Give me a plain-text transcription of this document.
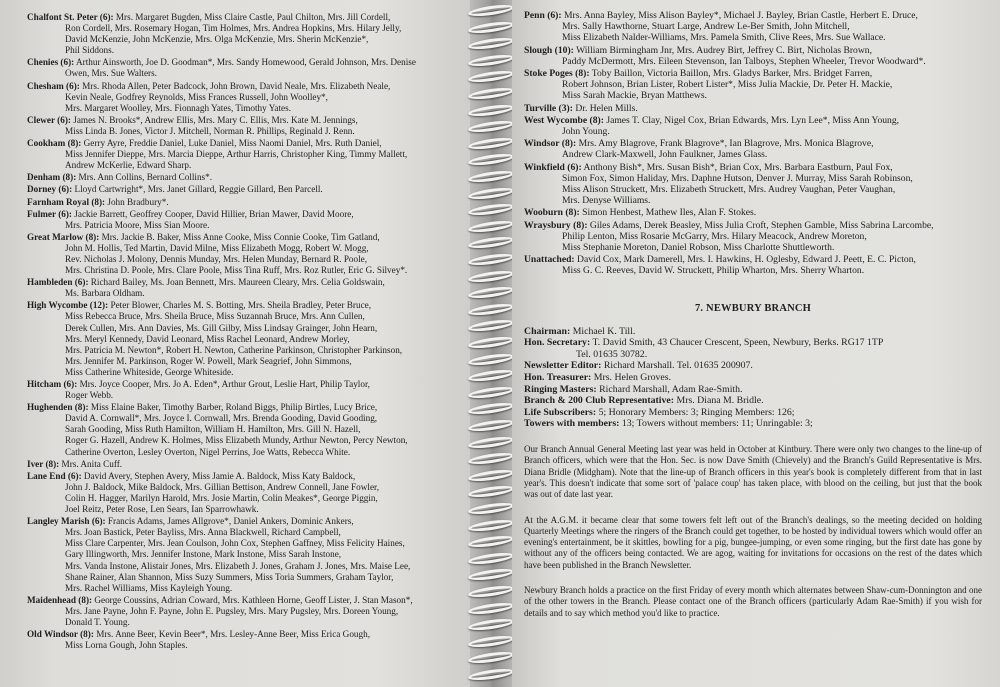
Chalfont St. Peter (6): Mrs. Margaret Bugden, Miss Claire Castle, Paul Chilton, Mrs. Jill Cordell,
Ron Cordell, Mrs. Rosemary Hogan, Tim Holmes, Mrs. Andrea Hopkins, Mrs. Hilary Jelly,
David McKenzie, John McKenzie, Mrs. Olga McKenzie, Mrs. Sherin McKenzie*,
Phil Siddons.
Chenies (6): Arthur Ainsworth, Joe D. Goodman*, Mrs. Sandy Homewood, Gerald Johnson, Mrs. Denise
Owen, Mrs. Sue Walters.
Chesham (6): Mrs. Rhoda Allen, Peter Badcock, John Brown, David Neale, Mrs. Elizabeth Neale,
Kevin Neale, Godfrey Reynolds, Miss Frances Russell, John Woolley*,
Mrs. Margaret Woolley, Mrs. Fionnagh Yates, Timothy Yates.
Clewer (6): James N. Brooks*, Andrew Ellis, Mrs. Mary C. Ellis, Mrs. Kate M. Jennings,
Miss Linda B. Jones, Victor J. Mitchell, Norman R. Phillips, Reginald J. Renn.
Cookham (8): Gerry Ayre, Freddie Daniel, Luke Daniel, Miss Naomi Daniel, Mrs. Ruth Daniel,
Miss Jennifer Dieppe, Mrs. Marcia Dieppe, Arthur Harris, Christopher King, Timmy Mallett,
Andrew McKerlie, Edward Sharp.
Denham (8): Mrs. Ann Collins, Bernard Collins*.
Dorney (6): Lloyd Cartwright*, Mrs. Janet Gillard, Reggie Gillard, Ben Parcell.
Farnham Royal (8): John Bradbury*.
Fulmer (6): Jackie Barrett, Geoffrey Cooper, David Hillier, Brian Mawer, David Moore,
Mrs. Patricia Moore, Miss Sian Moore.
Great Marlow (8): Mrs. Jackie B. Baker, Miss Anne Cooke, Miss Connie Cooke, Tim Gatland,
John M. Hollis, Ted Martin, David Milne, Miss Elizabeth Mogg, Robert W. Mogg,
Rev. Nicholas J. Molony, Dennis Munday, Mrs. Helen Munday, Bernard R. Poole,
Mrs. Christina D. Poole, Mrs. Clare Poole, Miss Tina Ruff, Mrs. Roz Rutler, Eric G. Silvey*.
Hambleden (6): Richard Bailey, Ms. Joan Bennett, Mrs. Maureen Cleary, Mrs. Celia Goldswain,
Ms. Barbara Oldham.
High Wycombe (12): Peter Blower, Charles M. S. Botting, Mrs. Sheila Bradley, Peter Bruce,
Miss Rebecca Bruce, Mrs. Sheila Bruce, Miss Suzannah Bruce, Mrs. Ann Cullen,
Derek Cullen, Mrs. Ann Davies, Ms. Gill Gilby, Miss Lindsay Grainger, John Hearn,
Mrs. Meryl Kennedy, David Leonard, Miss Rachel Leonard, Andrew Morley,
Mrs. Patricia M. Newton*, Robert H. Newton, Catherine Parkinson, Christopher Parkinson,
Mrs. Jennifer M. Parkinson, Roger W. Powell, Mark Seagrief, John Simmons,
Miss Catherine Whiteside, George Whiteside.
Hitcham (6): Mrs. Joyce Cooper, Mrs. Jo A. Eden*, Arthur Grout, Leslie Hart, Philip Taylor,
Roger Webb.
Hughenden (8): Miss Elaine Baker, Timothy Barber, Roland Biggs, Philip Birtles, Lucy Brice,
David A. Cornwall*, Mrs. Joyce I. Cornwall, Mrs. Brenda Gooding, David Gooding,
Sarah Gooding, Miss Ruth Hamilton, William H. Hamilton, Mrs. Gill N. Hazell,
Roger G. Hazell, Andrew K. Holmes, Miss Elizabeth Mundy, Arthur Newton, Percy Newton,
Catherine Overton, Lesley Overton, Nigel Perrins, Joe Watts, Rebecca White.
Iver (8): Mrs. Anita Cuff.
Lane End (6): David Avery, Stephen Avery, Miss Jamie A. Baldock, Miss Katy Baldock,
John J. Baldock, Mike Baldock, Mrs. Gillian Bettison, Andrew Connell, Jane Fowler,
Colin H. Hagger, Marilyn Harold, Mrs. Josie Martin, Colin Meakes*, George Piggin,
Joel Reitz, Peter Rose, Len Sears, Ian Sparrowhawk.
Langley Marish (6): Francis Adams, James Allgrove*, Daniel Ankers, Dominic Ankers,
Mrs. Joan Bastick, Peter Bayliss, Mrs. Anna Blackwell, Richard Campbell,
Miss Clare Carpenter, Mrs. Jean Coulson, John Cox, Stephen Gaffney, Miss Felicity Haines,
Gary Illingworth, Mrs. Jennifer Instone, Mark Instone, Miss Sarah Instone,
Mrs. Vanda Instone, Alistair Jones, Mrs. Elizabeth J. Jones, Graham J. Jones, Mrs. Maise Lee,
Shane Rainer, Alan Shannon, Miss Suzy Summers, Miss Toria Summers, Graham Taylor,
Mrs. Rachel Williams, Miss Kayleigh Young.
Maidenhead (8): George Coussins, Adrian Coward, Mrs. Kathleen Horne, Geoff Lister, J. Stan Mason*,
Mrs. Jane Payne, John F. Payne, John E. Pugsley, Mrs. Mary Pugsley, Mrs. Doreen Young,
Donald T. Young.
Old Windsor (8): Mrs. Anne Beer, Kevin Beer*, Mrs. Lesley-Anne Beer, Miss Erica Gough,
Miss Lorna Gough, John Staples.
Penn (6): Mrs. Anna Bayley, Miss Alison Bayley*, Michael J. Bayley, Brian Castle, Herbert E. Druce,
Mrs. Sally Hawthorne, Stuart Large, Andrew Le-Ber Smith, John Mitchell,
Miss Elizabeth Nalder-Williams, Mrs. Pamela Smith, Clive Rees, Mrs. Sue Wallace.
Slough (10): William Birmingham Jnr, Mrs. Audrey Birt, Jeffrey C. Birt, Nicholas Brown,
Paddy McDermott, Mrs. Eileen Stevenson, Ian Talboys, Stephen Wheeler, Trevor Woodward*.
Stoke Poges (8): Toby Baillon, Victoria Baillon, Mrs. Gladys Barker, Mrs. Bridget Farren,
Robert Johnson, Brian Lister, Robert Lister*, Miss Julia Mackie, Dr. Peter H. Mackie,
Miss Sarah Mackie, Bryan Matthews.
Turville (3): Dr. Helen Mills.
West Wycombe (8): James T. Clay, Nigel Cox, Brian Edwards, Mrs. Lyn Lee*, Miss Ann Young,
John Young.
Windsor (8): Mrs. Amy Blagrove, Frank Blagrove*, Ian Blagrove, Mrs. Monica Blagrove,
Andrew Clark-Maxwell, John Faulkner, James Glass.
Winkfield (6): Anthony Bish*, Mrs. Susan Bish*, Brian Cox, Mrs. Barbara Eastburn, Paul Fox,
Simon Fox, Simon Haliday, Mrs. Daphne Hutson, Denver J. Murray, Miss Sarah Robinson,
Miss Alison Struckett, Mrs. Elizabeth Struckett, Mrs. Audrey Vaughan, Peter Vaughan,
Mrs. Denyse Williams.
Wooburn (8): Simon Henbest, Mathew Iles, Alan F. Stokes.
Wraysbury (8): Giles Adams, Derek Beasley, Miss Julia Croft, Stephen Gamble, Miss Sabrina Larcombe,
Philip Lenton, Miss Rosarie McGarry, Mrs. Hilary Meacock, Andrew Moreton,
Miss Stephanie Moreton, Daniel Robson, Miss Charlotte Shuttleworth.
Unattached: David Cox, Mark Damerell, Mrs. I. Hawkins, H. Oglesby, Edward J. Peett, E. C. Picton,
Miss G. C. Reeves, David W. Struckett, Philip Wharton, Mrs. Sherry Wharton.
7. NEWBURY BRANCH
Chairman: Michael K. Till.
Hon. Secretary: T. David Smith, 43 Chaucer Crescent, Speen, Newbury, Berks. RG17 1TP
Tel. 01635 30782.
Newsletter Editor: Richard Marshall. Tel. 01635 200907.
Hon. Treasurer: Mrs. Helen Groves.
Ringing Masters: Richard Marshall, Adam Rae-Smith.
Branch & 200 Club Representative: Mrs. Diana M. Bridle.
Life Subscribers: 5; Honorary Members: 3; Ringing Members: 126;
Towers with members: 13; Towers without members: 11; Unringable: 3;

Our Branch Annual General Meeting last year was held in October at Kintbury. There were only two changes to the line-up of Branch officers, which were that the Hon. Sec. is now Dave Smith (Chievely) and the Branch's Guild Representative is Mrs. Diana Bridle (Midgham). Note that the line-up of Branch officers in this year's book is completely different from that in last year's. This doesn't indicate that some sort of 'palace coup' has taken place, with blood on the ceiling, but just that the book was out of date last year.

At the A.G.M. it became clear that some towers felt left out of the Branch's dealings, so the meeting decided on holding Quarterly Meetings where the ringers of the Branch could get together, to be hosted by individual towers which would offer an evening's entertainment, be it skittles, bowling for a pig, bungee-jumping, or even some ringing, but the first date has gone by without any of the officers being contacted. We are agog, waiting for invitations for occasions on the rest of the dates which have been published in the Branch Newsletter.

Newbury Branch holds a practice on the first Friday of every month which alternates between Shaw-cum-Donnington and one of the other towers in the Branch. Please contact one of the Branch officers (particularly Adam Rae-Smith) if you wish for details and to say which method you'd like to practice.
